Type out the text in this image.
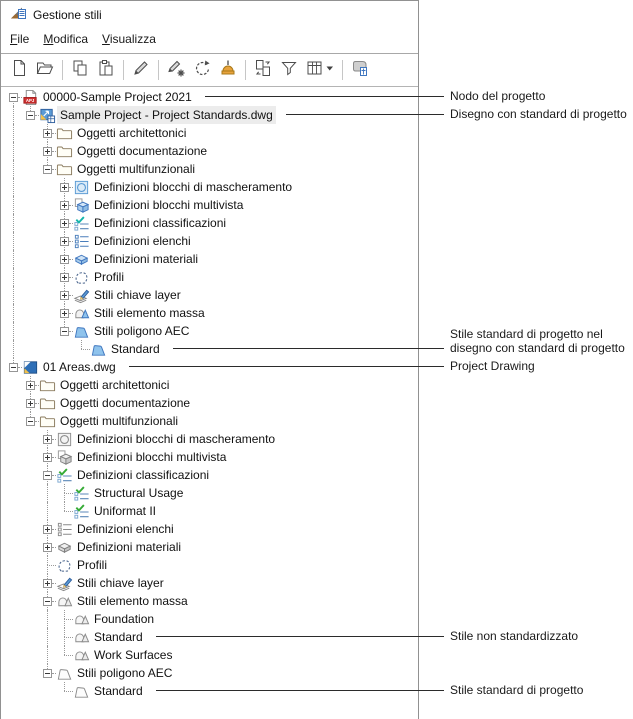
Gestione stili
File	Modifica	Visualizza
APJ 00000-Sample Project 2021
Sample Project - Project Standards.dwg
Oggetti architettonici
Oggetti documentazione
Oggetti multifunzionali
Definizioni blocchi di mascheramento
Definizioni blocchi multivista
Definizioni classificazioni
Definizioni elenchi
Definizioni materiali
Profili
Stili chiave layer
Stili elemento massa
Stili poligono AEC
Standard
01 Areas.dwg
Oggetti architettonici
Oggetti documentazione
Oggetti multifunzionali
Definizioni blocchi di mascheramento
Definizioni blocchi multivista
Definizioni classificazioni
Structural Usage
Uniformat II
Definizioni elenchi
Definizioni materiali
Profili
Stili chiave layer
Stili elemento massa
Foundation
Standard
Work Surfaces
Stili poligono AEC
Standard
Nodo del progetto
Disegno con standard di progetto
Stile standard di progetto nel
disegno con standard di progetto
Project Drawing
Stile non standardizzato
Stile standard di progetto
